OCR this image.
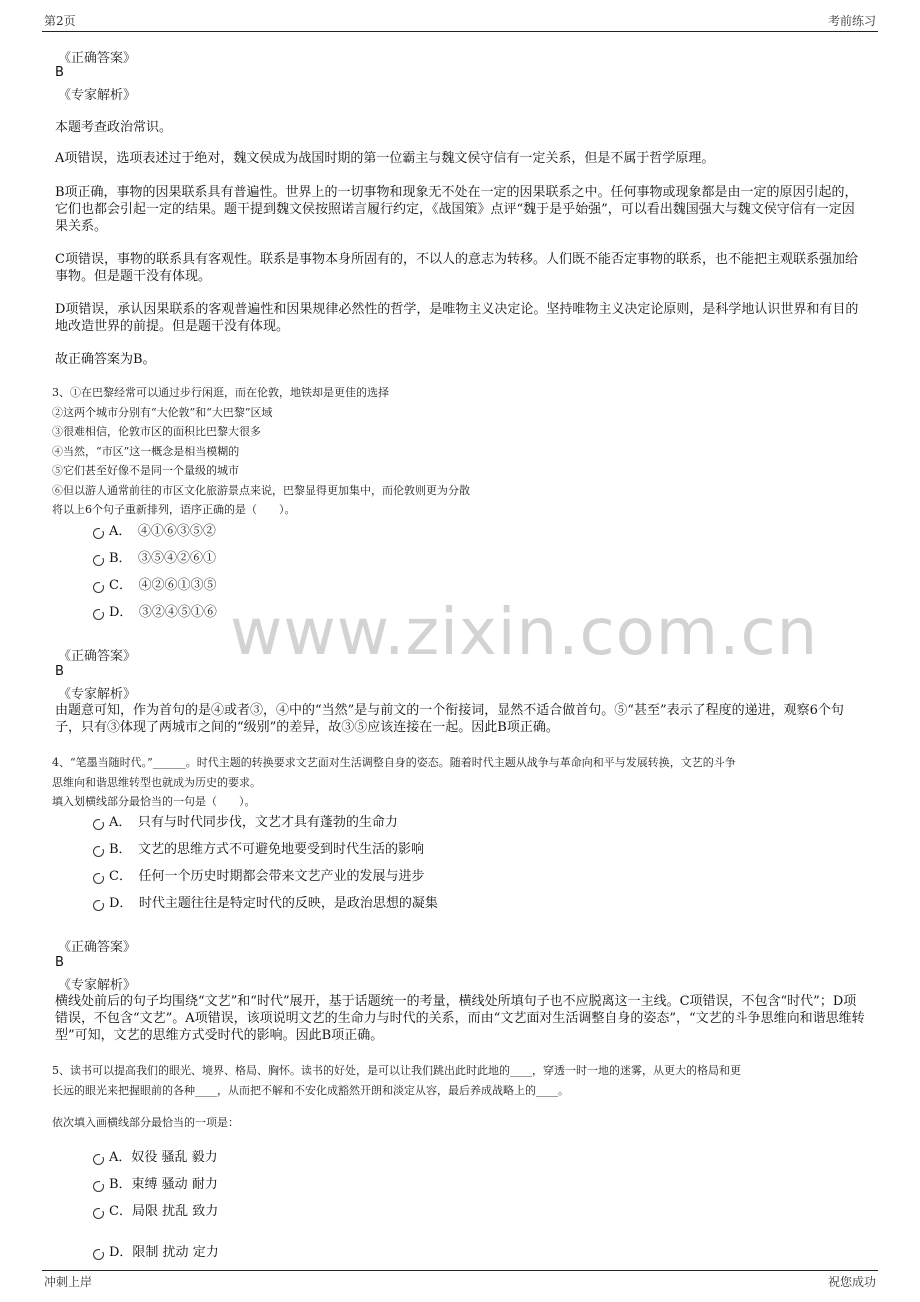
第2页	考前练习
《正确答案》
B
《专家解析》
本题考查政治常识。
A项错误，选项表述过于绝对，魏文侯成为战国时期的第一位霸主与魏文侯守信有一定关系，但是不属于哲学原理。
B项正确，事物的因果联系具有普遍性。世界上的一切事物和现象无不处在一定的因果联系之中。任何事物或现象都是由一定的原因引起的，它们也都会引起一定的结果。题干提到魏文侯按照诺言履行约定，《战国策》点评“魏于是乎始强”，可以看出魏国强大与魏文侯守信有一定因果关系。
C项错误，事物的联系具有客观性。联系是事物本身所固有的，不以人的意志为转移。人们既不能否定事物的联系，也不能把主观联系强加给事物。但是题干没有体现。
D项错误，承认因果联系的客观普遍性和因果规律必然性的哲学，是唯物主义决定论。坚持唯物主义决定论原则，是科学地认识世界和有目的地改造世界的前提。但是题干没有体现。
故正确答案为B。
3、①在巴黎经常可以通过步行闲逛，而在伦敦，地铁却是更佳的选择
②这两个城市分别有“大伦敦”和“大巴黎”区域
③很难相信，伦敦市区的面积比巴黎大很多
④当然，“市区”这一概念是相当模糊的
⑤它们甚至好像不是同一个量级的城市
⑥但以游人通常前往的市区文化旅游景点来说，巴黎显得更加集中，而伦敦则更为分散
将以上6个句子重新排列，语序正确的是（　　）。
A．　④①⑥③⑤②
B．　③⑤④②⑥①
C．　④②⑥①③⑤
D．　③②④⑤①⑥ www.zixin.com.cn
《正确答案》
B
《专家解析》
由题意可知，作为首句的是④或者③，④中的“当然”是与前文的一个衔接词，显然不适合做首句。⑤“甚至”表示了程度的递进，观察6个句子，只有③体现了两城市之间的“级别”的差异，故③⑤应该连接在一起。因此B项正确。
4、“笔墨当随时代。”______。时代主题的转换要求文艺面对生活调整自身的姿态。随着时代主题从战争与革命向和平与发展转换，文艺的斗争
思维向和谐思维转型也就成为历史的要求。
填入划横线部分最恰当的一句是（　　）。
A．　只有与时代同步伐，文艺才具有蓬勃的生命力
B．　文艺的思维方式不可避免地要受到时代生活的影响
C．　任何一个历史时期都会带来文艺产业的发展与进步
D．　时代主题往往是特定时代的反映，是政治思想的凝集
《正确答案》
B
《专家解析》
横线处前后的句子均围绕“文艺”和“时代”展开，基于话题统一的考量，横线处所填句子也不应脱离这一主线。C项错误，不包含“时代”；D项错误，不包含“文艺”。A项错误，该项说明文艺的生命力与时代的关系，而由“文艺面对生活调整自身的姿态”，“文艺的斗争思维向和谐思维转型”可知，文艺的思维方式受时代的影响。因此B项正确。
5、读书可以提高我们的眼光、境界、格局、胸怀。读书的好处，是可以让我们跳出此时此地的____，穿透一时一地的迷雾，从更大的格局和更
长远的眼光来把握眼前的各种____，从而把不解和不安化成豁然开朗和淡定从容，最后养成战略上的____。
依次填入画横线部分最恰当的一项是：
A．奴役 骚乱 毅力
B．束缚 骚动 耐力
C．局限 扰乱 致力
D．限制 扰动 定力
冲刺上岸	祝您成功
